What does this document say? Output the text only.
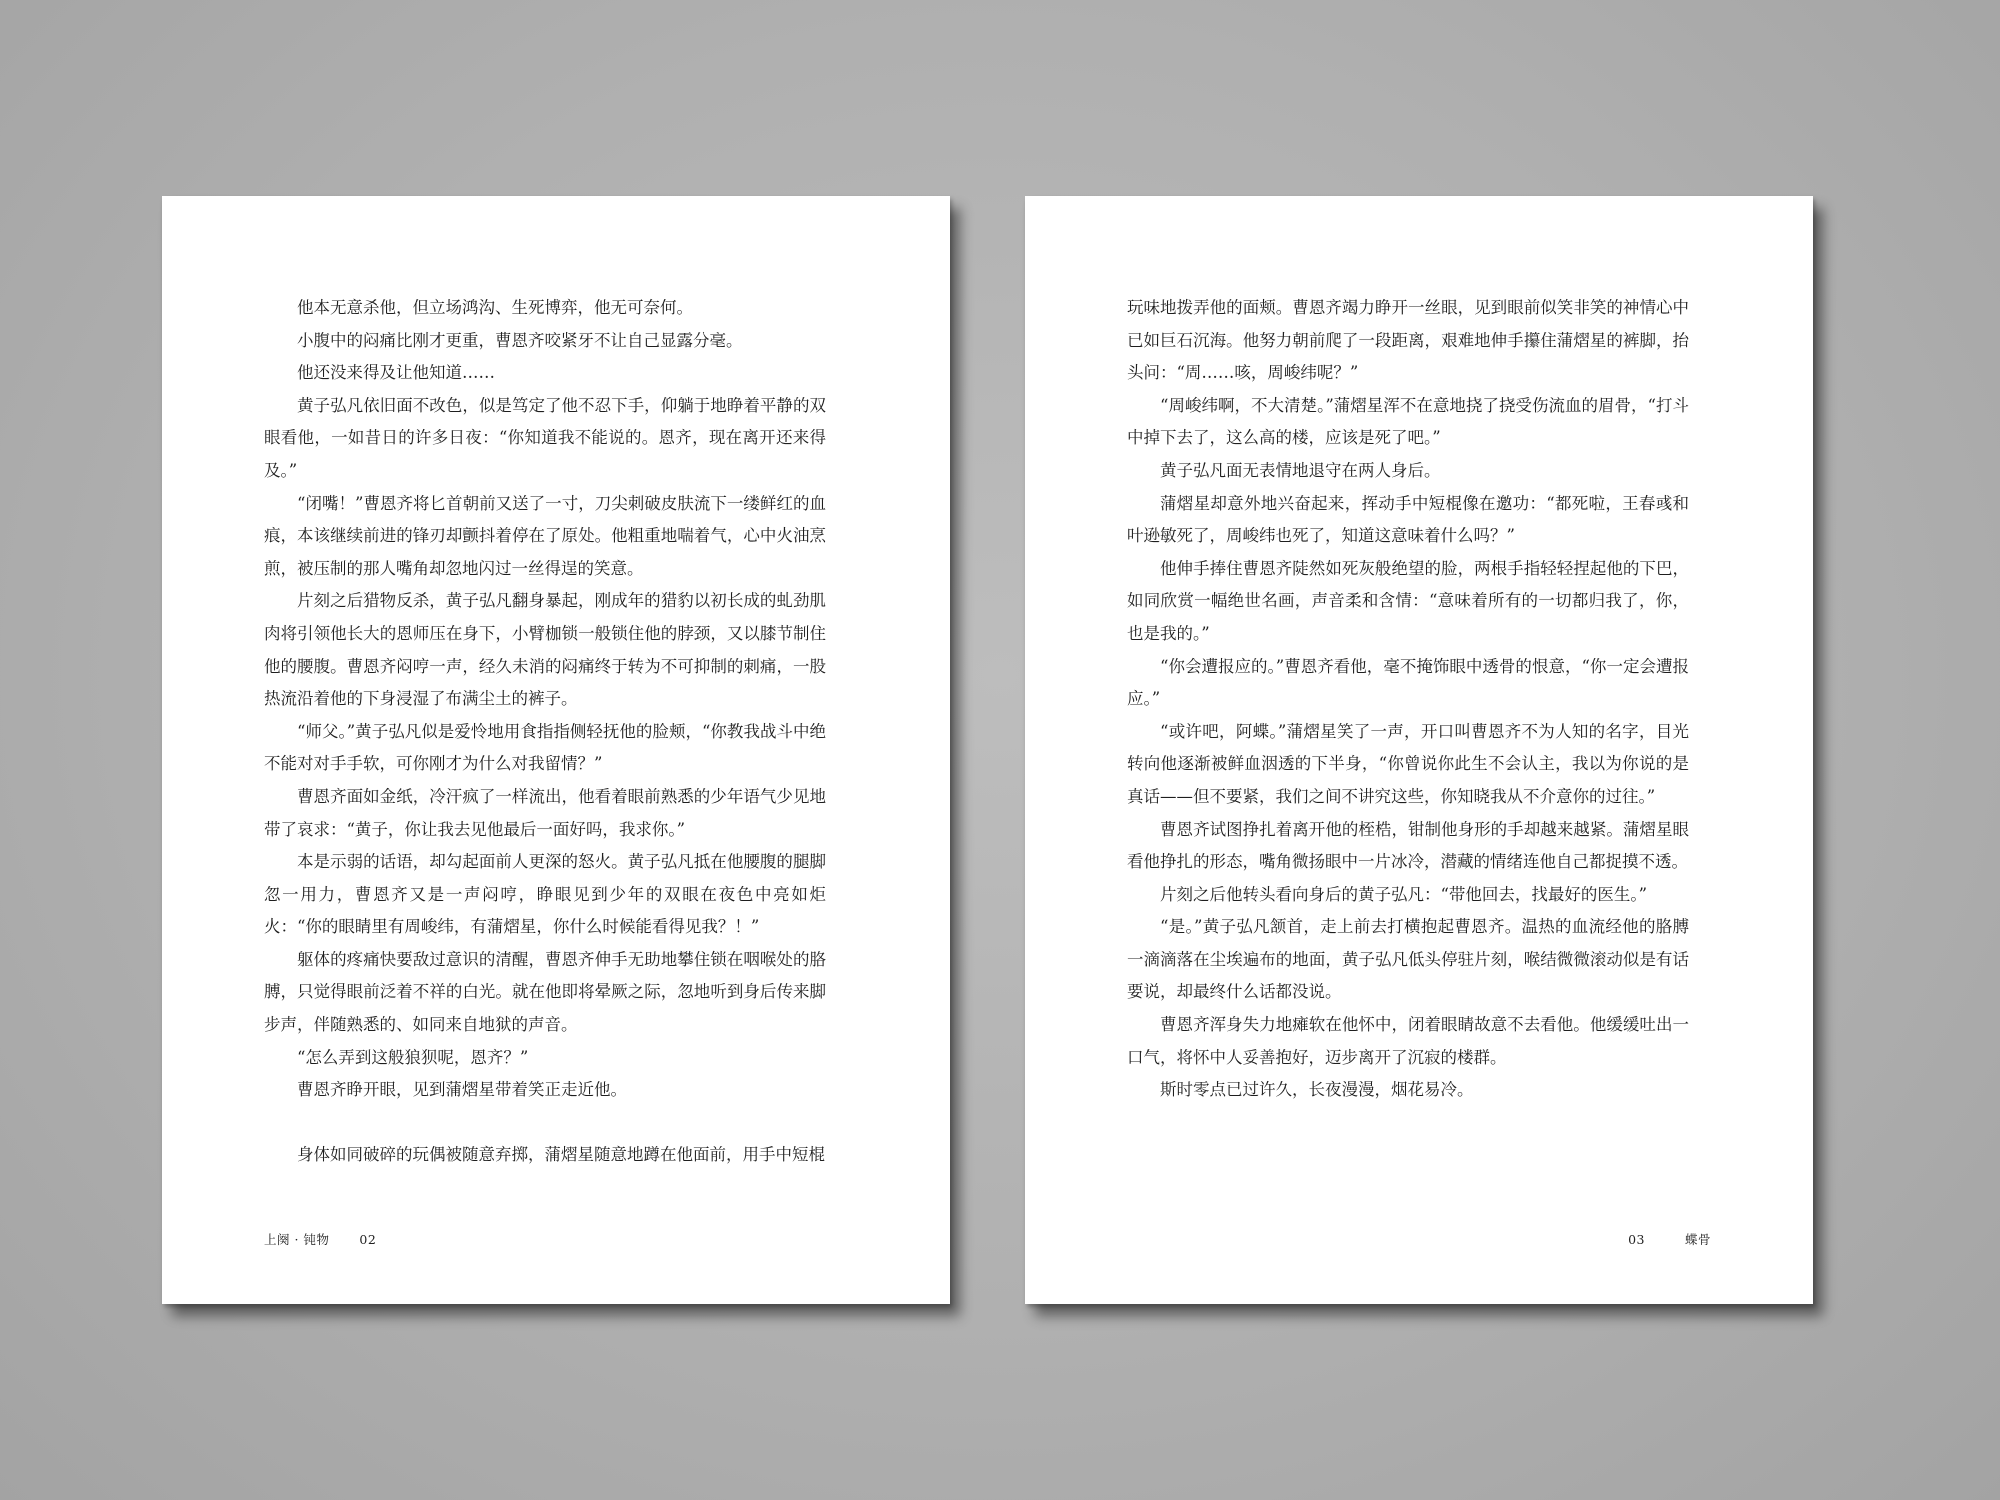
他本无意杀他，但立场鸿沟、生死博弈，他无可奈何。

小腹中的闷痛比刚才更重，曹恩齐咬紧牙不让自己显露分毫。

他还没来得及让他知道……

黄子弘凡依旧面不改色，似是笃定了他不忍下手，仰躺于地睁着平静的双眼看他，一如昔日的许多日夜：“你知道我不能说的。恩齐，现在离开还来得及。”

“闭嘴！”曹恩齐将匕首朝前又送了一寸，刀尖刺破皮肤流下一缕鲜红的血痕，本该继续前进的锋刃却颤抖着停在了原处。他粗重地喘着气，心中火油烹煎，被压制的那人嘴角却忽地闪过一丝得逞的笑意。

片刻之后猎物反杀，黄子弘凡翻身暴起，刚成年的猎豹以初长成的虬劲肌肉将引领他长大的恩师压在身下，小臂枷锁一般锁住他的脖颈，又以膝节制住他的腰腹。曹恩齐闷哼一声，经久未消的闷痛终于转为不可抑制的刺痛，一股热流沿着他的下身浸湿了布满尘土的裤子。

“师父。”黄子弘凡似是爱怜地用食指指侧轻抚他的脸颊，“你教我战斗中绝不能对对手手软，可你刚才为什么对我留情？”

曹恩齐面如金纸，冷汗疯了一样流出，他看着眼前熟悉的少年语气少见地带了哀求：“黄子，你让我去见他最后一面好吗，我求你。”

本是示弱的话语，却勾起面前人更深的怒火。黄子弘凡抵在他腰腹的腿脚忽一用力，曹恩齐又是一声闷哼，睁眼见到少年的双眼在夜色中亮如炬火：“你的眼睛里有周峻纬，有蒲熠星，你什么时候能看得见我？！”

躯体的疼痛快要敌过意识的清醒，曹恩齐伸手无助地攀住锁在咽喉处的胳膊，只觉得眼前泛着不祥的白光。就在他即将晕厥之际，忽地听到身后传来脚步声，伴随熟悉的、如同来自地狱的声音。

“怎么弄到这般狼狈呢，恩齐？”

曹恩齐睁开眼，见到蒲熠星带着笑正走近他。

身体如同破碎的玩偶被随意弃掷，蒲熠星随意地蹲在他面前，用手中短棍

上阕 · 钝物 02

玩味地拨弄他的面颊。曹恩齐竭力睁开一丝眼，见到眼前似笑非笑的神情心中已如巨石沉海。他努力朝前爬了一段距离，艰难地伸手攥住蒲熠星的裤脚，抬头问：“周……咳，周峻纬呢？”

“周峻纬啊，不大清楚。”蒲熠星浑不在意地挠了挠受伤流血的眉骨，“打斗中掉下去了，这么高的楼，应该是死了吧。”

黄子弘凡面无表情地退守在两人身后。

蒲熠星却意外地兴奋起来，挥动手中短棍像在邀功：“都死啦，王春彧和叶逊敏死了，周峻纬也死了，知道这意味着什么吗？”

他伸手捧住曹恩齐陡然如死灰般绝望的脸，两根手指轻轻捏起他的下巴，如同欣赏一幅绝世名画，声音柔和含情：“意味着所有的一切都归我了，你，也是我的。”

“你会遭报应的。”曹恩齐看他，毫不掩饰眼中透骨的恨意，“你一定会遭报应。”

“或许吧，阿蝶。”蒲熠星笑了一声，开口叫曹恩齐不为人知的名字，目光转向他逐渐被鲜血洇透的下半身，“你曾说你此生不会认主，我以为你说的是真话——但不要紧，我们之间不讲究这些，你知晓我从不介意你的过往。”

曹恩齐试图挣扎着离开他的桎梏，钳制他身形的手却越来越紧。蒲熠星眼看他挣扎的形态，嘴角微扬眼中一片冰冷，潜藏的情绪连他自己都捉摸不透。

片刻之后他转头看向身后的黄子弘凡：“带他回去，找最好的医生。”

“是。”黄子弘凡颔首，走上前去打横抱起曹恩齐。温热的血流经他的胳膊一滴滴落在尘埃遍布的地面，黄子弘凡低头停驻片刻，喉结微微滚动似是有话要说，却最终什么话都没说。

曹恩齐浑身失力地瘫软在他怀中，闭着眼睛故意不去看他。他缓缓吐出一口气，将怀中人妥善抱好，迈步离开了沉寂的楼群。

斯时零点已过许久，长夜漫漫，烟花易冷。

03	蝶骨
